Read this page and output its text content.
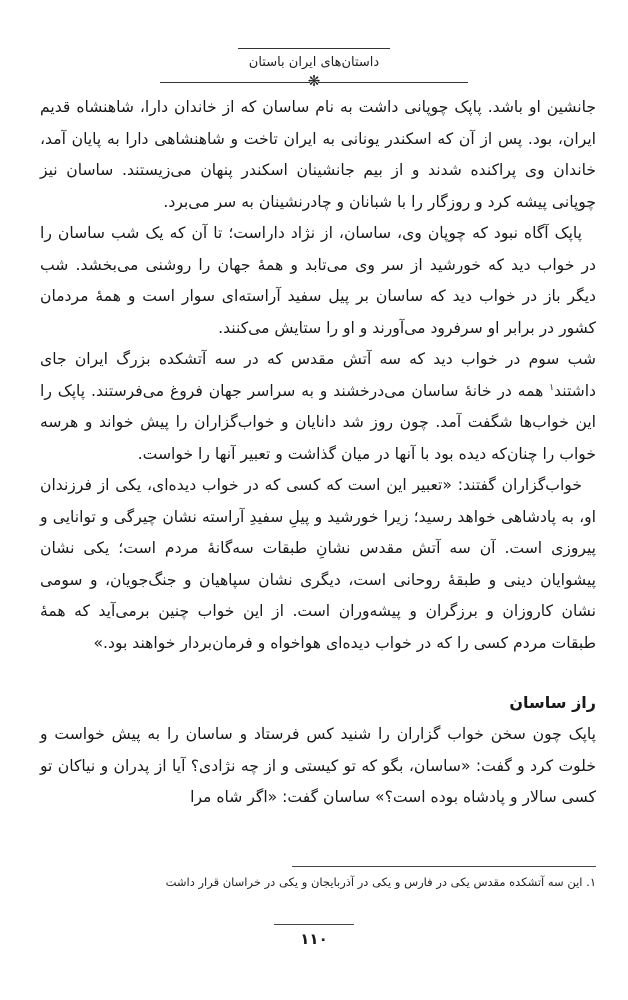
داستان‌های ایران باستان
❋

جانشین او باشد. پاپک چوپانی داشت به نام ساسان که از خاندان دارا، شاهنشاه قدیم ایران، بود. پس از آن که اسکندر یونانی به ایران تاخت و شاهنشاهی دارا به پایان آمد، خاندان وی پراکنده شدند و از بیم جانشینان اسکندر پنهان می‌زیستند. ساسان نیز چوپانی پیشه کرد و روزگار را با شبانان و چادرنشینان به سر می‌برد.

پاپک آگاه نبود که چوپان وی، ساسان، از نژاد داراست؛ تا آن که یک شب ساسان را در خواب دید که خورشید از سر وی می‌تابد و همهٔ جهان را روشنی می‌بخشد. شب دیگر باز در خواب دید که ساسان بر پیل سفید آراسته‌ای سوار است و همهٔ مردمان کشور در برابر او سرفرود می‌آورند و او را ستایش می‌کنند.

شب سوم در خواب دید که سه آتش مقدس که در سه آتشکده بزرگ ایران جای داشتند$^۱$ همه در خانهٔ ساسان می‌درخشند و به سراسر جهان فروغ می‌فرستند. پاپک را این خواب‌ها شگفت آمد. چون روز شد دانایان و خواب‌گزاران را پیش خواند و هرسه خواب را چنان‌که دیده بود با آنها در میان گذاشت و تعبیر آنها را خواست.

خواب‌گزاران گفتند: «تعبیر این است که کسی که در خواب دیده‌ای، یکی از فرزندان او، به پادشاهی خواهد رسید؛ زیرا خورشید و پیلِ سفیدِ آراسته نشان چیرگی و توانایی و پیروزی است. آن سه آتش مقدس نشانِ طبقات سه‌گانهٔ مردم است؛ یکی نشان پیشوایان دینی و طبقهٔ روحانی است، دیگری نشان سپاهیان و جنگ‌جویان، و سومی نشان کاروزان و برزگران و پیشه‌وران است. از این خواب چنین برمی‌آید که همهٔ طبقات مردم کسی را که در خواب دیده‌ای هواخواه و فرمان‌بردار خواهند بود.»

راز ساسان

پاپک چون سخن خواب گزاران را شنید کس فرستاد و ساسان را به پیش خواست و خلوت کرد و گفت: «ساسان، بگو که تو کیستی و از چه نژادی؟ آیا از پدران و نیاکان تو کسی سالار و پادشاه بوده است؟» ساسان گفت: «اگر شاه مرا

۱. این سه آتشکده مقدس یکی در فارس و یکی در آذربایجان و یکی در خراسان قرار داشت
۱۱۰
